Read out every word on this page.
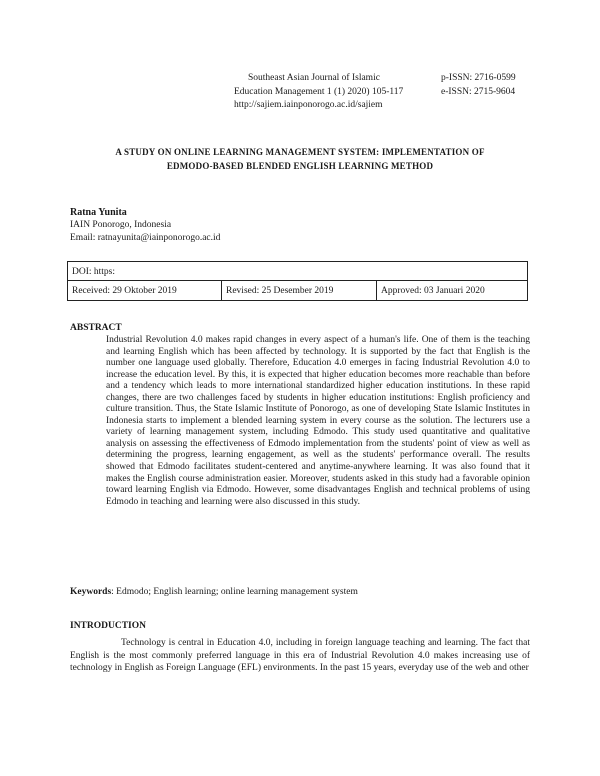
Southeast Asian Journal of Islamic
Education Management 1 (1) 2020) 105-117
http://sajiem.iainponorogo.ac.id/sajiem
p-ISSN: 2716-0599
e-ISSN: 2715-9604
A STUDY ON ONLINE LEARNING MANAGEMENT SYSTEM: IMPLEMENTATION OF
EDMODO-BASED BLENDED ENGLISH LEARNING METHOD
Ratna Yunita
IAIN Ponorogo, Indonesia
Email: ratnayunita@iainponorogo.ac.id
DOI: https:
Received: 29 Oktober 2019	Revised: 25 Desember 2019	Approved: 03 Januari 2020
ABSTRACT

Industrial Revolution 4.0 makes rapid changes in every aspect of a human's life. One of them is the teaching and learning English which has been affected by technology. It is supported by the fact that English is the number one language used globally. Therefore, Education 4.0 emerges in facing Industrial Revolution 4.0 to increase the education level. By this, it is expected that higher education becomes more reachable than before and a tendency which leads to more international standardized higher education institutions. In these rapid changes, there are two challenges faced by students in higher education institutions: English proficiency and culture transition. Thus, the State Islamic Institute of Ponorogo, as one of developing State Islamic Institutes in Indonesia starts to implement a blended learning system in every course as the solution. The lecturers use a variety of learning management system, including Edmodo. This study used quantitative and qualitative analysis on assessing the effectiveness of Edmodo implementation from the students' point of view as well as determining the progress, learning engagement, as well as the students' performance overall. The results showed that Edmodo facilitates student-centered and anytime-anywhere learning. It was also found that it makes the English course administration easier. Moreover, students asked in this study had a favorable opinion toward learning English via Edmodo. However, some disadvantages English and technical problems of using Edmodo in teaching and learning were also discussed in this study.

Keywords: Edmodo; English learning; online learning management system
INTRODUCTION

Technology is central in Education 4.0, including in foreign language teaching and learning. The fact that English is the most commonly preferred language in this era of Industrial Revolution 4.0 makes increasing use of technology in English as Foreign Language (EFL) environments. In the past 15 years, everyday use of the web and other
